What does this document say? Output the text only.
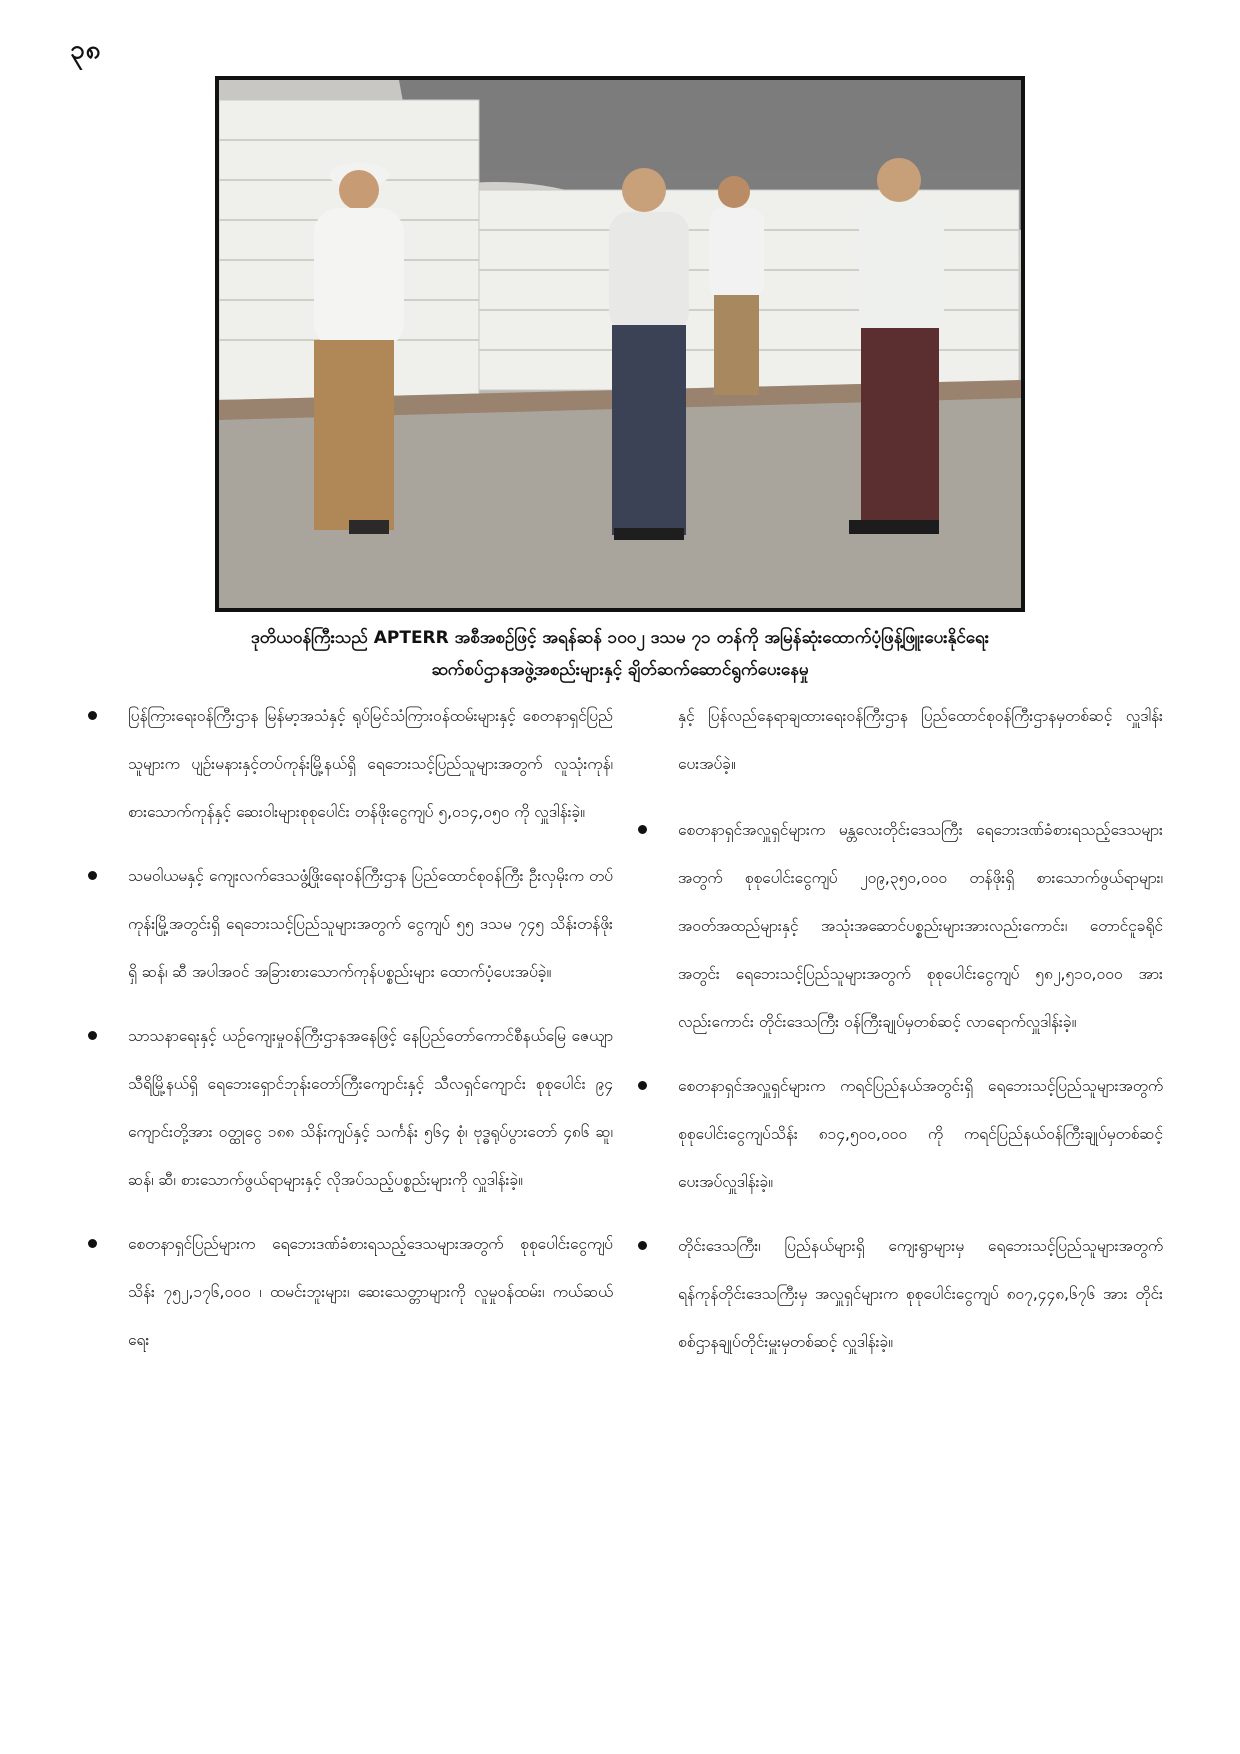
၃၈
ဒုတိယဝန်ကြီးသည် APTERR အစီအစဉ်ဖြင့် အရန်ဆန် ၁၀၀၂ ဒသမ ၇၁ တန်ကို အမြန်ဆုံးထောက်ပံ့ဖြန့်ဖြူးပေးနိုင်ရေး
ဆက်စပ်ဌာနအဖွဲ့အစည်းများနှင့် ချိတ်ဆက်ဆောင်ရွက်ပေးနေမှု
ပြန်ကြားရေးဝန်ကြီးဌာန မြန်မာ့အသံနှင့် ရုပ်မြင်သံကြားဝန်ထမ်းများနှင့် စေတနာရှင်ပြည်သူများက ပျဉ်းမနားနှင့်တပ်ကုန်းမြို့နယ်ရှိ ရေဘေးသင့်ပြည်သူများအတွက် လူသုံးကုန်၊ စားသောက်ကုန်နှင့် ဆေးဝါးများစုစုပေါင်း တန်ဖိုးငွေကျပ် ၅,၀၁၄,၀၅၀ ကို လှူဒါန်းခဲ့။
သမဝါယမနှင့် ကျေးလက်ဒေသဖွံ့ဖြိုးရေးဝန်ကြီးဌာန ပြည်ထောင်စုဝန်ကြီး ဦးလှမိုးက တပ်ကုန်းမြို့အတွင်းရှိ ရေဘေးသင့်ပြည်သူများအတွက် ငွေကျပ် ၅၅ ဒသမ ၇၄၅ သိန်းတန်ဖိုးရှိ ဆန်၊ ဆီ အပါအဝင် အခြားစားသောက်ကုန်ပစ္စည်းများ ထောက်ပံ့ပေးအပ်ခဲ့။
သာသနာရေးနှင့် ယဉ်ကျေးမှုဝန်ကြီးဌာနအနေဖြင့် နေပြည်တော်ကောင်စီနယ်မြေ ဇေယျာသီရိမြို့နယ်ရှိ ရေဘေးရှောင်ဘုန်းတော်ကြီးကျောင်းနှင့် သီလရှင်ကျောင်း စုစုပေါင်း ၉၄ ကျောင်းတို့အား ဝတ္ထုငွေ ၁၈၈ သိန်းကျပ်နှင့် သင်္ကန်း ၅၆၄ စုံ၊ ဗုဒ္ဓရုပ်ပွားတော် ၄၈၆ ဆူ၊ ဆန်၊ ဆီ၊ စားသောက်ဖွယ်ရာများနှင့် လိုအပ်သည့်ပစ္စည်းများကို လှူဒါန်းခဲ့။
စေတနာရှင်ပြည်များက ရေဘေးဒဏ်ခံစားရသည့်ဒေသများအတွက် စုစုပေါင်းငွေကျပ်သိန်း ၇၅၂,၁၇၆,၀၀၀ ၊ ထမင်းဘူးများ၊ ဆေးသေတ္တာများကို လူမှုဝန်ထမ်း၊ ကယ်ဆယ်ရေး
နှင့် ပြန်လည်နေရာချထားရေးဝန်ကြီးဌာန ပြည်ထောင်စုဝန်ကြီးဌာနမှတစ်ဆင့် လှူဒါန်းပေးအပ်ခဲ့။
စေတနာရှင်အလှူရှင်များက မန္တလေးတိုင်းဒေသကြီး ရေဘေးဒဏ်ခံစားရသည့်ဒေသများအတွက် စုစုပေါင်းငွေကျပ် ၂၀၉,၃၅၀,၀၀၀ တန်ဖိုးရှိ စားသောက်ဖွယ်ရာများ၊ အဝတ်အထည်များနှင့် အသုံးအဆောင်ပစ္စည်းများအားလည်းကောင်း၊ တောင်ငူခရိုင်အတွင်း ရေဘေးသင့်ပြည်သူများအတွက် စုစုပေါင်းငွေကျပ် ၅၈၂,၅၁၀,၀၀၀ အားလည်းကောင်း တိုင်းဒေသကြီး ဝန်ကြီးချုပ်မှတစ်ဆင့် လာရောက်လှူဒါန်းခဲ့။
စေတနာရှင်အလှူရှင်များက ကရင်ပြည်နယ်အတွင်းရှိ ရေဘေးသင့်ပြည်သူများအတွက် စုစုပေါင်းငွေကျပ်သိန်း ၈၁၄,၅၀၀,၀၀၀ ကို ကရင်ပြည်နယ်ဝန်ကြီးချုပ်မှတစ်ဆင့် ပေးအပ်လှူဒါန်းခဲ့။
တိုင်းဒေသကြီး၊ ပြည်နယ်များရှိ ကျေးရွာများမှ ရေဘေးသင့်ပြည်သူများအတွက် ရန်ကုန်တိုင်းဒေသကြီးမှ အလှူရှင်များက စုစုပေါင်းငွေကျပ် ၈၀၇,၄၄၈,၆၇၆ အား တိုင်းစစ်ဌာနချုပ်တိုင်းမှူးမှတစ်ဆင့် လှူဒါန်းခဲ့။
